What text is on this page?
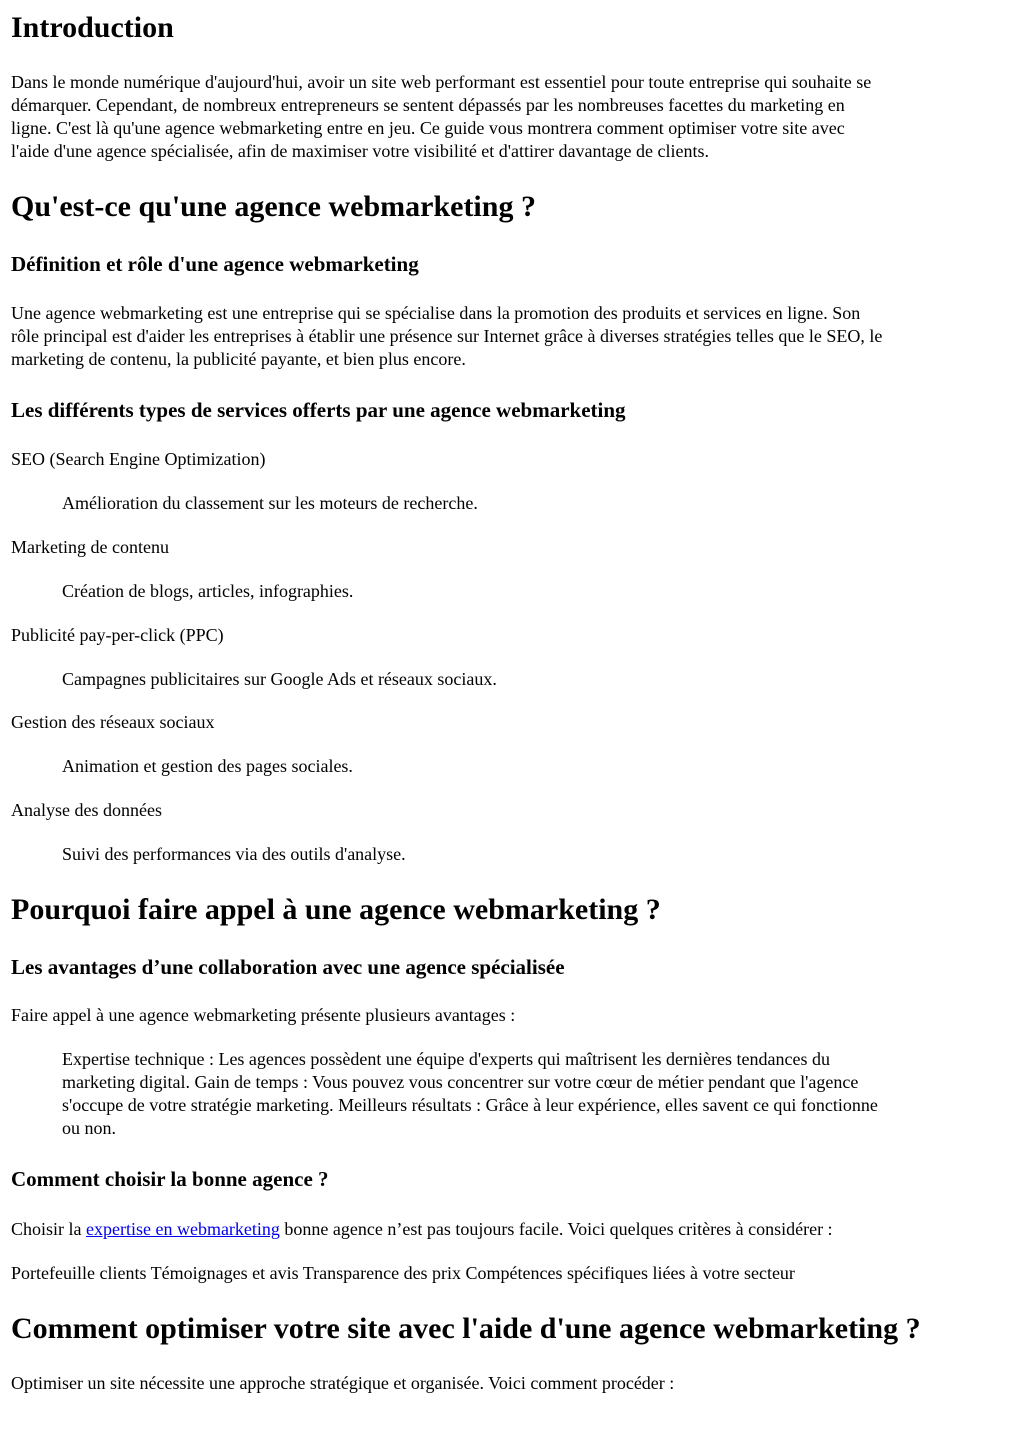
Introduction
Dans le monde numérique d'aujourd'hui, avoir un site web performant est essentiel pour toute entreprise qui souhaite se
démarquer. Cependant, de nombreux entrepreneurs se sentent dépassés par les nombreuses facettes du marketing en
ligne. C'est là qu'une agence webmarketing entre en jeu. Ce guide vous montrera comment optimiser votre site avec
l'aide d'une agence spécialisée, afin de maximiser votre visibilité et d'attirer davantage de clients.
Qu'est-ce qu'une agence webmarketing ?
Définition et rôle d'une agence webmarketing
Une agence webmarketing est une entreprise qui se spécialise dans la promotion des produits et services en ligne. Son
rôle principal est d'aider les entreprises à établir une présence sur Internet grâce à diverses stratégies telles que le SEO, le
marketing de contenu, la publicité payante, et bien plus encore.
Les différents types de services offerts par une agence webmarketing
SEO (Search Engine Optimization)
Amélioration du classement sur les moteurs de recherche.
Marketing de contenu
Création de blogs, articles, infographies.
Publicité pay-per-click (PPC)
Campagnes publicitaires sur Google Ads et réseaux sociaux.
Gestion des réseaux sociaux
Animation et gestion des pages sociales.
Analyse des données
Suivi des performances via des outils d'analyse.
Pourquoi faire appel à une agence webmarketing ?
Les avantages d’une collaboration avec une agence spécialisée
Faire appel à une agence webmarketing présente plusieurs avantages :
Expertise technique : Les agences possèdent une équipe d'experts qui maîtrisent les dernières tendances du
marketing digital. Gain de temps : Vous pouvez vous concentrer sur votre cœur de métier pendant que l'agence
s'occupe de votre stratégie marketing. Meilleurs résultats : Grâce à leur expérience, elles savent ce qui fonctionne
ou non.
Comment choisir la bonne agence ?
Choisir la expertise en webmarketing bonne agence n’est pas toujours facile. Voici quelques critères à considérer :
Portefeuille clients Témoignages et avis Transparence des prix Compétences spécifiques liées à votre secteur
Comment optimiser votre site avec l'aide d'une agence webmarketing ?
Optimiser un site nécessite une approche stratégique et organisée. Voici comment procéder :
